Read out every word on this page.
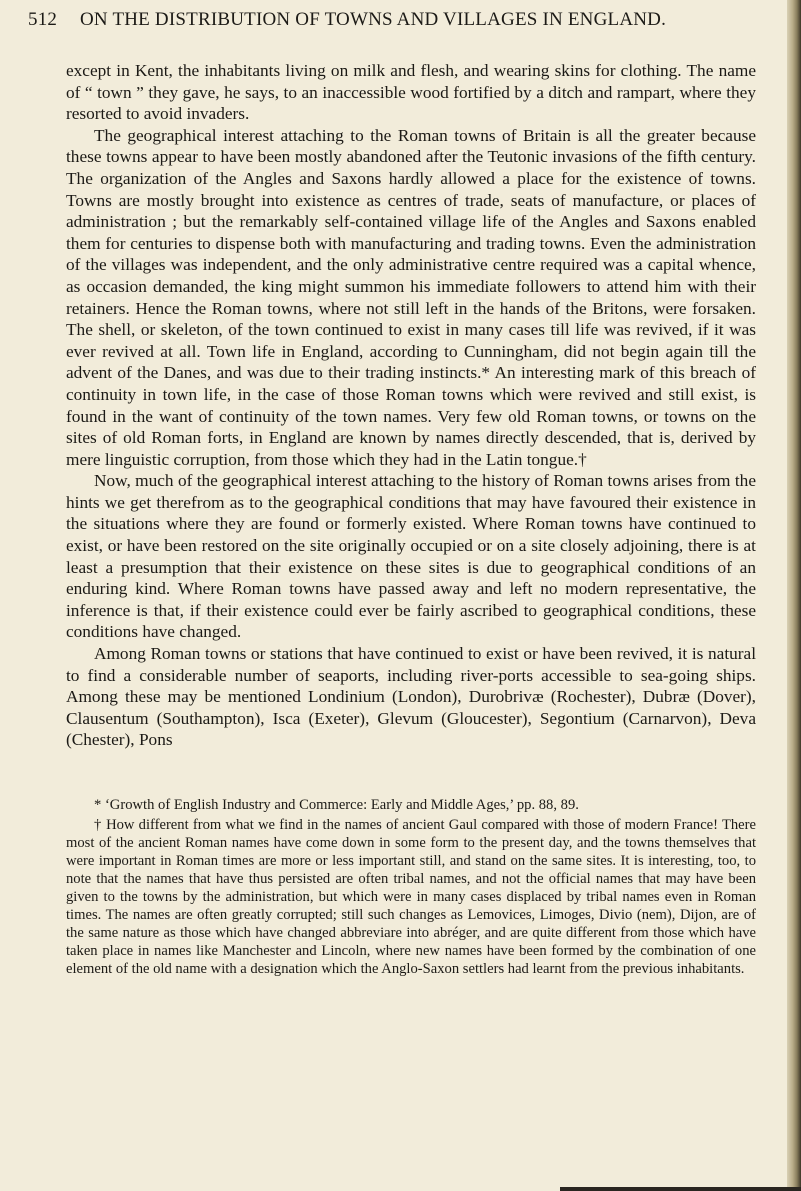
512 ON THE DISTRIBUTION OF TOWNS AND VILLAGES IN ENGLAND.

except in Kent, the inhabitants living on milk and flesh, and wearing skins for clothing. The name of “ town ” they gave, he says, to an inaccessible wood fortified by a ditch and rampart, where they resorted to avoid invaders.

The geographical interest attaching to the Roman towns of Britain is all the greater because these towns appear to have been mostly abandoned after the Teutonic invasions of the fifth century. The organization of the Angles and Saxons hardly allowed a place for the existence of towns. Towns are mostly brought into existence as centres of trade, seats of manufacture, or places of administration ; but the remarkably self-contained village life of the Angles and Saxons enabled them for centuries to dispense both with manufacturing and trading towns. Even the administration of the villages was independent, and the only administrative centre required was a capital whence, as occasion demanded, the king might summon his immediate followers to attend him with their retainers. Hence the Roman towns, where not still left in the hands of the Britons, were forsaken. The shell, or skeleton, of the town continued to exist in many cases till life was revived, if it was ever revived at all. Town life in England, according to Cunningham, did not begin again till the advent of the Danes, and was due to their trading instincts.* An interesting mark of this breach of continuity in town life, in the case of those Roman towns which were revived and still exist, is found in the want of continuity of the town names. Very few old Roman towns, or towns on the sites of old Roman forts, in England are known by names directly descended, that is, derived by mere linguistic corruption, from those which they had in the Latin tongue.†

Now, much of the geographical interest attaching to the history of Roman towns arises from the hints we get therefrom as to the geographical conditions that may have favoured their existence in the situations where they are found or formerly existed. Where Roman towns have continued to exist, or have been restored on the site originally occupied or on a site closely adjoining, there is at least a presumption that their existence on these sites is due to geographical conditions of an enduring kind. Where Roman towns have passed away and left no modern representative, the inference is that, if their existence could ever be fairly ascribed to geographical conditions, these conditions have changed.

Among Roman towns or stations that have continued to exist or have been revived, it is natural to find a considerable number of seaports, including river-ports accessible to sea-going ships. Among these may be mentioned Londinium (London), Durobrivæ (Rochester), Dubræ (Dover), Clausentum (Southampton), Isca (Exeter), Glevum (Gloucester), Segontium (Carnarvon), Deva (Chester), Pons

* ‘Growth of English Industry and Commerce: Early and Middle Ages,’ pp. 88, 89.

† How different from what we find in the names of ancient Gaul compared with those of modern France! There most of the ancient Roman names have come down in some form to the present day, and the towns themselves that were important in Roman times are more or less important still, and stand on the same sites. It is interesting, too, to note that the names that have thus persisted are often tribal names, and not the official names that may have been given to the towns by the administration, but which were in many cases displaced by tribal names even in Roman times. The names are often greatly corrupted; still such changes as Lemovices, Limoges, Divio (nem), Dijon, are of the same nature as those which have changed abbreviare into abréger, and are quite different from those which have taken place in names like Manchester and Lincoln, where new names have been formed by the combination of one element of the old name with a designation which the Anglo-Saxon settlers had learnt from the previous inhabitants.
